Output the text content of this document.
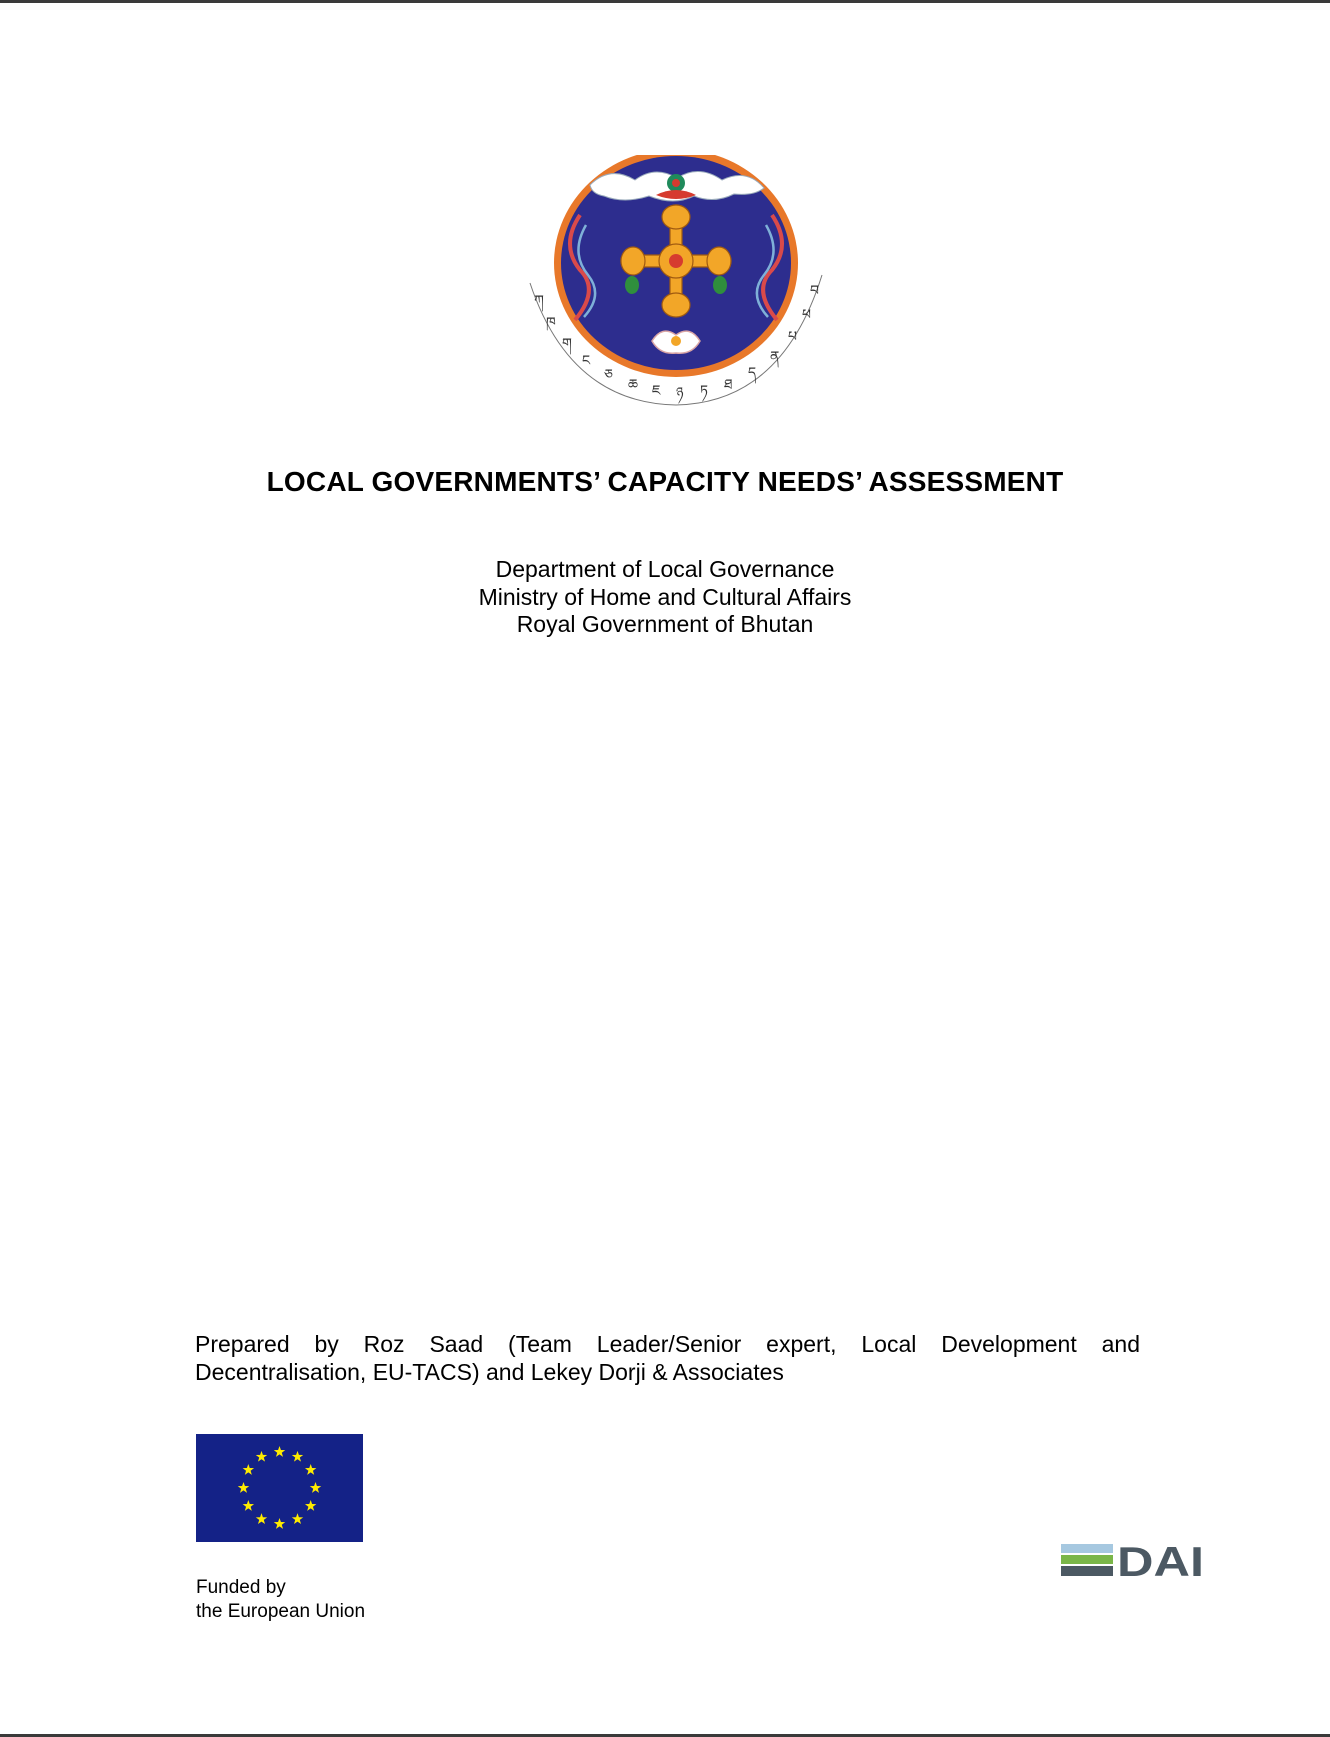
ཀ
ཁ
ག
ང
ཅ
ཆ ཇ ཉ ཏ ཐ
ད
ན
པ
ཕ
བ
LOCAL GOVERNMENTS’ CAPACITY NEEDS’ ASSESSMENT
Department of Local Governance
Ministry of Home and Cultural Affairs
Royal Government of Bhutan
Prepared by Roz Saad (Team Leader/Senior expert, Local Development and Decentralisation, EU-TACS) and Lekey Dorji & Associates
Funded by
the European Union
DAI
